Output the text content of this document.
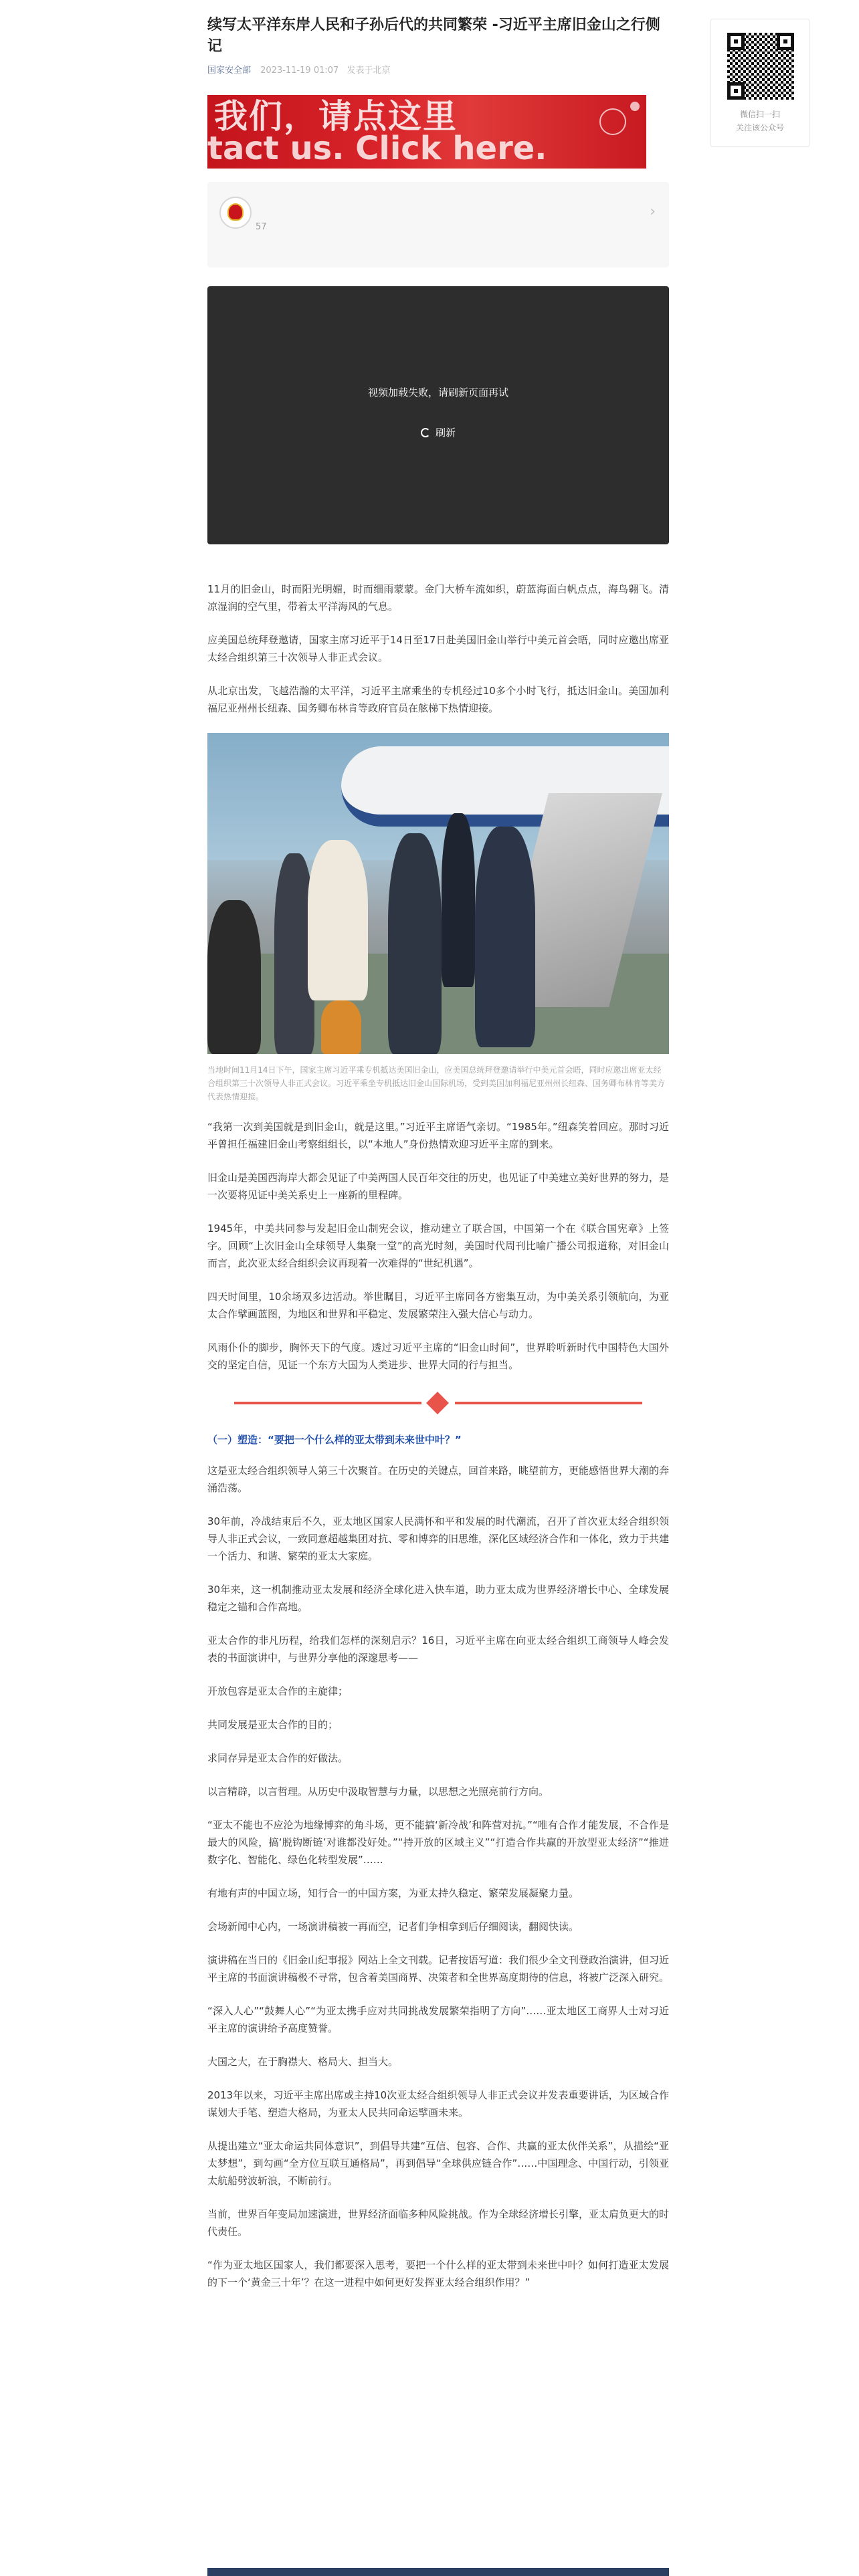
续写太平洋东岸人民和子孙后代的共同繁荣 -习近平主席旧金山之行侧记
国家安全部 2023-11-19 01:07 发表于北京
我们，请点这里
tact us. Click here.
57
›
视频加载失败，请刷新页面再试
刷新

11月的旧金山，时而阳光明媚，时而细雨蒙蒙。金门大桥车流如织，蔚蓝海面白帆点点，海鸟翱飞。清凉湿润的空气里，带着太平洋海风的气息。

应美国总统拜登邀请，国家主席习近平于14日至17日赴美国旧金山举行中美元首会晤，同时应邀出席亚太经合组织第三十次领导人非正式会议。

从北京出发，飞越浩瀚的太平洋，习近平主席乘坐的专机经过10多个小时飞行，抵达旧金山。美国加利福尼亚州州长纽森、国务卿布林肯等政府官员在舷梯下热情迎接。

当地时间11月14日下午，国家主席习近平乘专机抵达美国旧金山，应美国总统拜登邀请举行中美元首会晤，同时应邀出席亚太经合组织第三十次领导人非正式会议。习近平乘坐专机抵达旧金山国际机场，受到美国加利福尼亚州州长纽森、国务卿布林肯等美方代表热情迎接。

“我第一次到美国就是到旧金山，就是这里。”习近平主席语气亲切。“1985年。”纽森笑着回应。那时习近平曾担任福建旧金山考察组组长，以“本地人”身份热情欢迎习近平主席的到来。

旧金山是美国西海岸大都会见证了中美两国人民百年交往的历史，也见证了中美建立美好世界的努力，是一次要将见证中美关系史上一座新的里程碑。

1945年，中美共同参与发起旧金山制宪会议，推动建立了联合国，中国第一个在《联合国宪章》上签字。回顾“上次旧金山全球领导人集聚一堂”的高光时刻，美国时代周刊比喻广播公司报道称，对旧金山而言，此次亚太经合组织会议再现着一次难得的“世纪机遇”。

四天时间里，10余场双多边活动。举世瞩目，习近平主席同各方密集互动，为中美关系引领航向，为亚太合作擘画蓝图，为地区和世界和平稳定、发展繁荣注入强大信心与动力。

风雨仆仆的脚步，胸怀天下的气度。透过习近平主席的“旧金山时间”，世界聆听新时代中国特色大国外交的坚定自信，见证一个东方大国为人类进步、世界大同的行与担当。

（一）塑造：“要把一个什么样的亚太带到未来世中叶？”

这是亚太经合组织领导人第三十次聚首。在历史的关键点，回首来路，眺望前方，更能感悟世界大潮的奔涌浩荡。

30年前，冷战结束后不久，亚太地区国家人民满怀和平和发展的时代潮流，召开了首次亚太经合组织领导人非正式会议，一致同意超越集团对抗、零和博弈的旧思维，深化区域经济合作和一体化，致力于共建一个活力、和谐、繁荣的亚太大家庭。

30年来，这一机制推动亚太发展和经济全球化进入快车道，助力亚太成为世界经济增长中心、全球发展稳定之锚和合作高地。

亚太合作的非凡历程，给我们怎样的深刻启示？16日，习近平主席在向亚太经合组织工商领导人峰会发表的书面演讲中，与世界分享他的深邃思考——

开放包容是亚太合作的主旋律；

共同发展是亚太合作的目的；

求同存异是亚太合作的好做法。

以言精辟，以言哲理。从历史中汲取智慧与力量，以思想之光照亮前行方向。

“亚太不能也不应沦为地缘博弈的角斗场，更不能搞‘新冷战’和阵营对抗。”“唯有合作才能发展，不合作是最大的风险，搞‘脱钩断链’对谁都没好处。”“持开放的区域主义”“打造合作共赢的开放型亚太经济”“推进数字化、智能化、绿色化转型发展”……

有地有声的中国立场，知行合一的中国方案，为亚太持久稳定、繁荣发展凝聚力量。

会场新闻中心内，一场演讲稿被一再而空，记者们争相拿到后仔细阅读，翻阅快读。

演讲稿在当日的《旧金山纪事报》网站上全文刊载。记者按语写道：我们很少全文刊登政治演讲，但习近平主席的书面演讲稿极不寻常，包含着美国商界、决策者和全世界高度期待的信息，将被广泛深入研究。

“深入人心”“鼓舞人心”“为亚太携手应对共同挑战发展繁荣指明了方向”……亚太地区工商界人士对习近平主席的演讲给予高度赞誉。

大国之大，在于胸襟大、格局大、担当大。

2013年以来，习近平主席出席或主持10次亚太经合组织领导人非正式会议并发表重要讲话，为区域合作谋划大手笔、塑造大格局，为亚太人民共同命运擘画未来。

从提出建立“亚太命运共同体意识”，到倡导共建“互信、包容、合作、共赢的亚太伙伴关系”，从描绘“亚太梦想”，到勾画“全方位互联互通格局”，再到倡导“全球供应链合作”……中国理念、中国行动，引领亚太航船劈波斩浪，不断前行。

当前，世界百年变局加速演进，世界经济面临多种风险挑战。作为全球经济增长引擎，亚太肩负更大的时代责任。

“作为亚太地区国家人，我们都要深入思考，要把一个什么样的亚太带到未来世中叶？如何打造亚太发展的下一个‘黄金三十年’？在这一进程中如何更好发挥亚太经合组织作用？”

微信扫一扫
关注该公众号
